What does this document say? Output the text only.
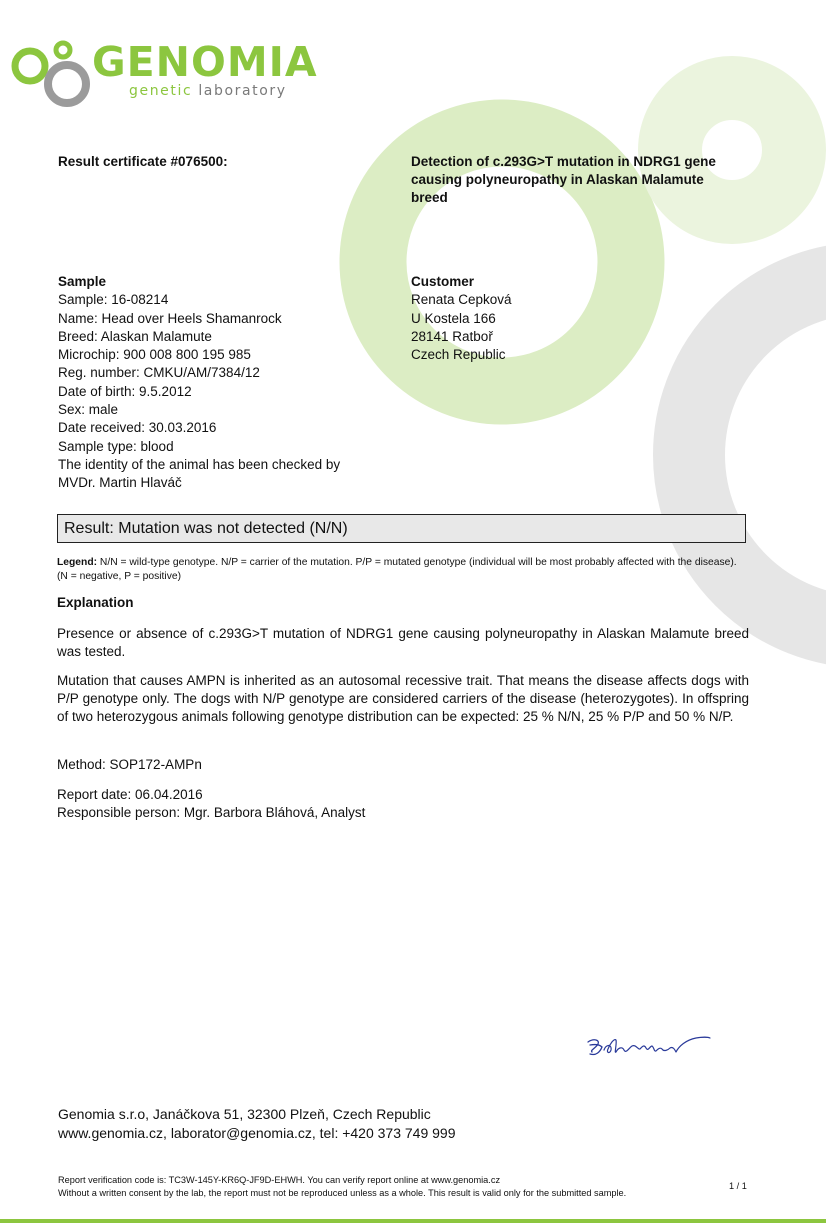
GENOMIA
genetic laboratory
Result certificate #076500:	Detection of c.293G>T mutation in NDRG1 gene
causing polyneuropathy in Alaskan Malamute
breed
Sample
Sample: 16-08214
Name: Head over Heels Shamanrock
Breed: Alaskan Malamute
Microchip: 900 008 800 195 985
Reg. number: CMKU/AM/7384/12
Date of birth: 9.5.2012
Sex: male
Date received: 30.03.2016
Sample type: blood
The identity of the animal has been checked by
MVDr. Martin Hlaváč
Customer
Renata Cepková
U Kostela 166
28141 Ratboř
Czech Republic
Result: Mutation was not detected (N/N)
Legend: N/N = wild-type genotype. N/P = carrier of the mutation. P/P = mutated genotype (individual will be most probably affected with the disease). (N = negative, P = positive)
Explanation
Presence or absence of c.293G>T mutation of NDRG1 gene causing polyneuropathy in Alaskan Malamute breed was tested.
Mutation that causes AMPN is inherited as an autosomal recessive trait. That means the disease affects dogs with P/P genotype only. The dogs with N/P genotype are considered carriers of the disease (heterozygotes). In offspring of two heterozygous animals following genotype distribution can be expected: 25 % N/N, 25 % P/P and 50 % N/P.
Method: SOP172-AMPn
Report date: 06.04.2016
Responsible person: Mgr. Barbora Bláhová, Analyst
Genomia s.r.o, Janáčkova 51, 32300 Plzeň, Czech Republic
www.genomia.cz, laborator@genomia.cz, tel: +420 373 749 999
Report verification code is: TC3W-145Y-KR6Q-JF9D-EHWH. You can verify report online at www.genomia.cz
Without a written consent by the lab, the report must not be reproduced unless as a whole. This result is valid only for the submitted sample.
1 / 1
